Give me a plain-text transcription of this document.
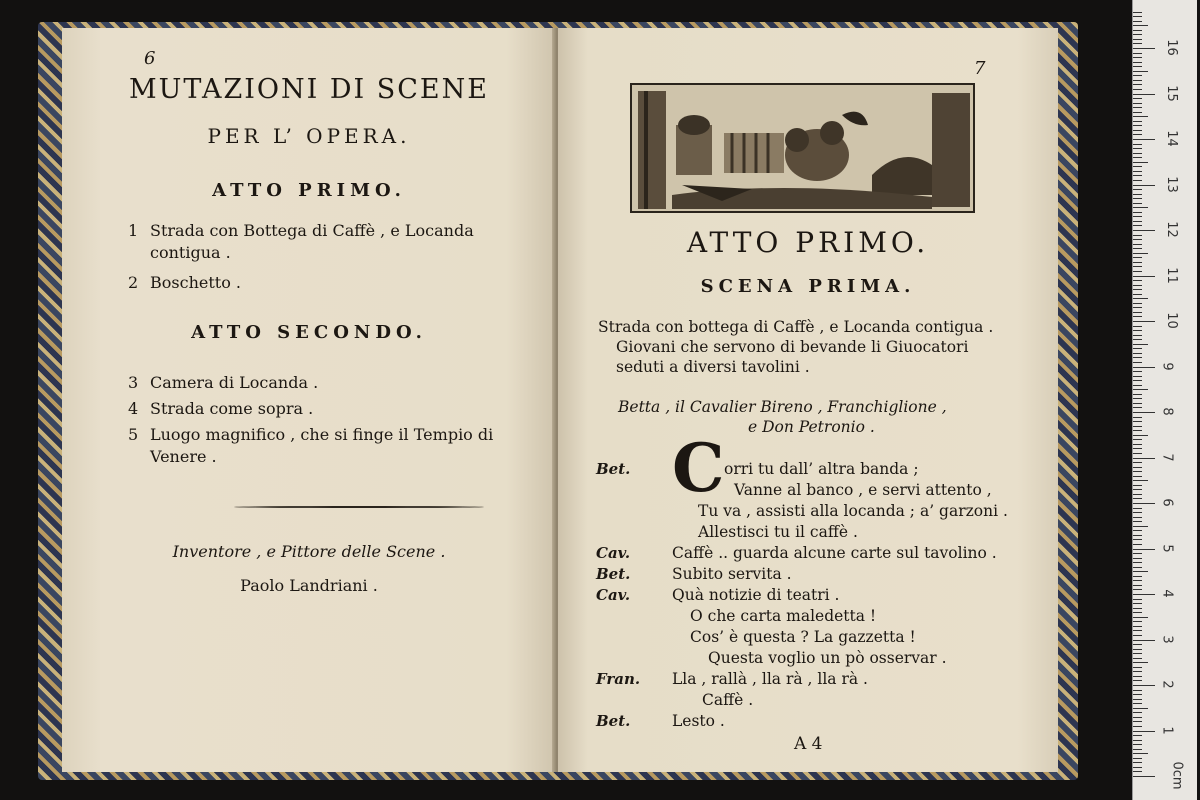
6
MUTAZIONI DI SCENE
PER L’ OPERA.
ATTO PRIMO.
1 Strada con Bottega di Caffè , e Locanda
contigua .
2 Boschetto .
ATTO SECONDO.
3 Camera di Locanda .
4 Strada come sopra .
5 Luogo magnifico , che si finge il Tempio di
Venere .
Inventore , e Pittore delle Scene .
Paolo Landriani .
7
ATTO PRIMO.
SCENA PRIMA.
Strada con bottega di Caffè , e Locanda contigua .
Giovani che servono di bevande li Giuocatori
seduti a diversi tavolini .
Betta , il Cavalier Bireno , Franchiglione ,
e Don Petronio .
C
Bet.	orri tu dall’ altra banda ;
Vanne al banco , e servi attento ,
Tu va , assisti alla locanda ; a’ garzoni .
Allestisci tu il caffè .
Cav.	Caffè .. guarda alcune carte sul tavolino .
Bet.	Subito servita .
Cav.	Quà notizie di teatri .
O che carta maledetta !
Cos’ è questa ? La gazzetta !
Questa voglio un pò osservar .
Fran. Lla , rallà , lla rà , lla rà .
Caffè .
Bet.	Lesto .
A 4
0cm
1
2
3
4
5
6
7
8
9
10
11
12
13
14
15
16
